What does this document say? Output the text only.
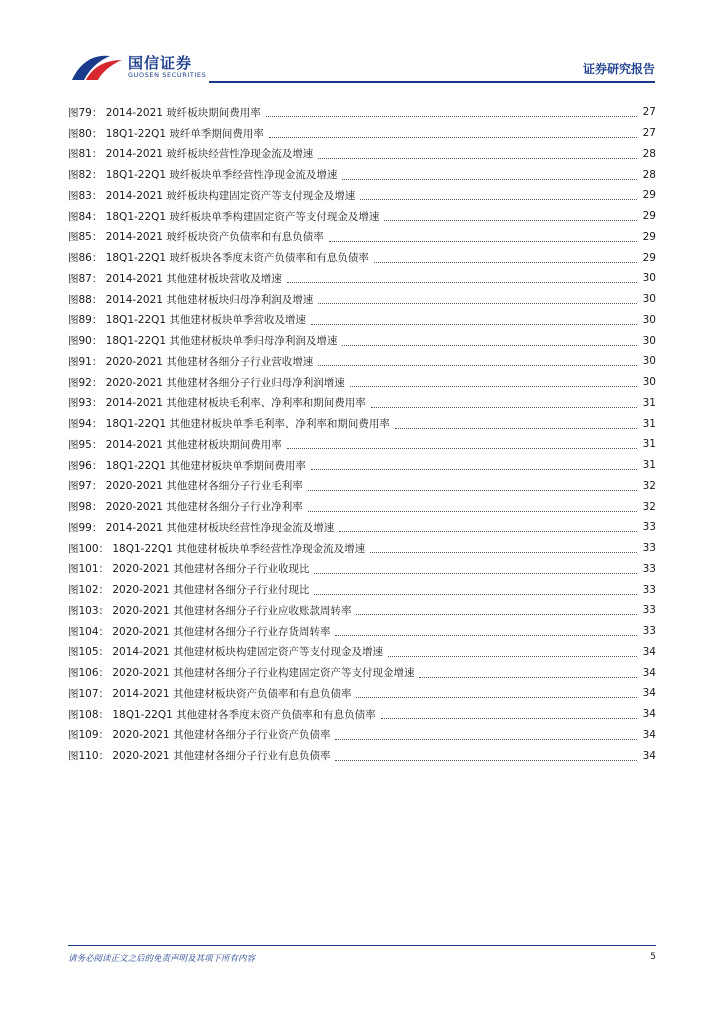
国信证券
GUOSEN SECURITIES	证券研究报告
图79： 2014-2021 玻纤板块期间费用率	27
图80： 18Q1-22Q1 玻纤单季期间费用率	27
图81： 2014-2021 玻纤板块经营性净现金流及增速	28
图82： 18Q1-22Q1 玻纤板块单季经营性净现金流及增速	28
图83： 2014-2021 玻纤板块构建固定资产等支付现金及增速	29
图84： 18Q1-22Q1 玻纤板块单季构建固定资产等支付现金及增速	29
图85： 2014-2021 玻纤板块资产负债率和有息负债率	29
图86： 18Q1-22Q1 玻纤板块各季度末资产负债率和有息负债率	29
图87： 2014-2021 其他建材板块营收及增速	30
图88： 2014-2021 其他建材板块归母净利润及增速	30
图89： 18Q1-22Q1 其他建材板块单季营收及增速	30
图90： 18Q1-22Q1 其他建材板块单季归母净利润及增速	30
图91： 2020-2021 其他建材各细分子行业营收增速	30
图92： 2020-2021 其他建材各细分子行业归母净利润增速	30
图93： 2014-2021 其他建材板块毛利率、净利率和期间费用率	31
图94： 18Q1-22Q1 其他建材板块单季毛利率、净利率和期间费用率	31
图95： 2014-2021 其他建材板块期间费用率	31
图96： 18Q1-22Q1 其他建材板块单季期间费用率	31
图97： 2020-2021 其他建材各细分子行业毛利率	32
图98： 2020-2021 其他建材各细分子行业净利率	32
图99： 2014-2021 其他建材板块经营性净现金流及增速	33
图100： 18Q1-22Q1 其他建材板块单季经营性净现金流及增速	33
图101： 2020-2021 其他建材各细分子行业收现比	33
图102： 2020-2021 其他建材各细分子行业付现比	33
图103： 2020-2021 其他建材各细分子行业应收账款周转率	33
图104： 2020-2021 其他建材各细分子行业存货周转率	33
图105： 2014-2021 其他建材板块构建固定资产等支付现金及增速	34
图106： 2020-2021 其他建材各细分子行业构建固定资产等支付现金增速	34
图107： 2014-2021 其他建材板块资产负债率和有息负债率	34
图108： 18Q1-22Q1 其他建材各季度末资产负债率和有息负债率	34
图109： 2020-2021 其他建材各细分子行业资产负债率	34
图110： 2020-2021 其他建材各细分子行业有息负债率	34
请务必阅读正文之后的免责声明及其项下所有内容	5
